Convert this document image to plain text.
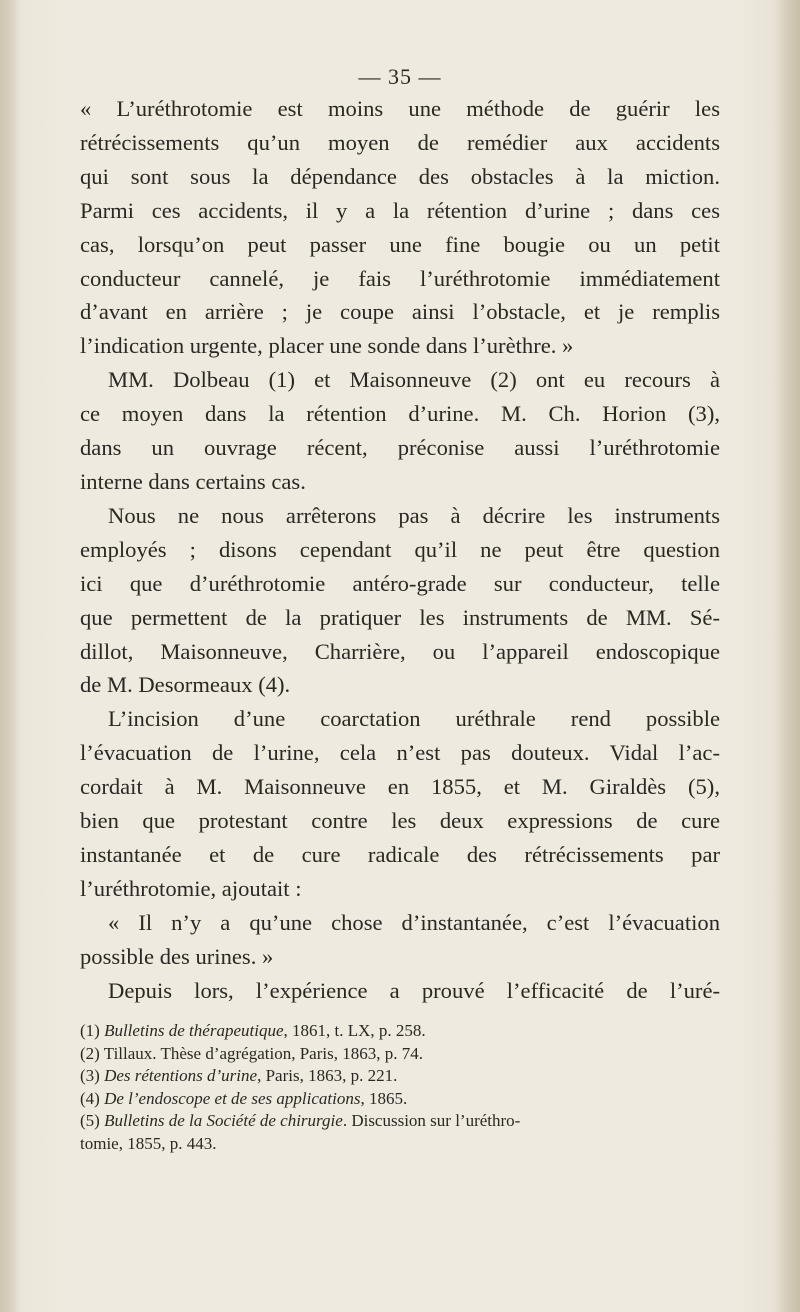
— 35 —
« L’uréthrotomie est moins une méthode de guérir les
rétrécissements qu’un moyen de remédier aux accidents
qui sont sous la dépendance des obstacles à la miction.
Parmi ces accidents, il y a la rétention d’urine ; dans ces
cas, lorsqu’on peut passer une fine bougie ou un petit
conducteur cannelé, je fais l’uréthrotomie immédiatement
d’avant en arrière ; je coupe ainsi l’obstacle, et je remplis
l’indication urgente, placer une sonde dans l’urèthre. »
MM. Dolbeau (1) et Maisonneuve (2) ont eu recours à
ce moyen dans la rétention d’urine. M. Ch. Horion (3),
dans un ouvrage récent, préconise aussi l’uréthrotomie
interne dans certains cas.
Nous ne nous arrêterons pas à décrire les instruments
employés ; disons cependant qu’il ne peut être question
ici que d’uréthrotomie antéro-grade sur conducteur, telle
que permettent de la pratiquer les instruments de MM. Sé-
dillot, Maisonneuve, Charrière, ou l’appareil endoscopique
de M. Desormeaux (4).
L’incision d’une coarctation uréthrale rend possible
l’évacuation de l’urine, cela n’est pas douteux. Vidal l’ac-
cordait à M. Maisonneuve en 1855, et M. Giraldès (5),
bien que protestant contre les deux expressions de cure
instantanée et de cure radicale des rétrécissements par
l’uréthrotomie, ajoutait :
« Il n’y a qu’une chose d’instantanée, c’est l’évacuation
possible des urines. »
Depuis lors, l’expérience a prouvé l’efficacité de l’uré-
(1) Bulletins de thérapeutique, 1861, t. LX, p. 258.
(2) Tillaux. Thèse d’agrégation, Paris, 1863, p. 74.
(3) Des rétentions d’urine, Paris, 1863, p. 221.
(4) De l’endoscope et de ses applications, 1865.
(5) Bulletins de la Société de chirurgie. Discussion sur l’uréthro-
tomie, 1855, p. 443.
